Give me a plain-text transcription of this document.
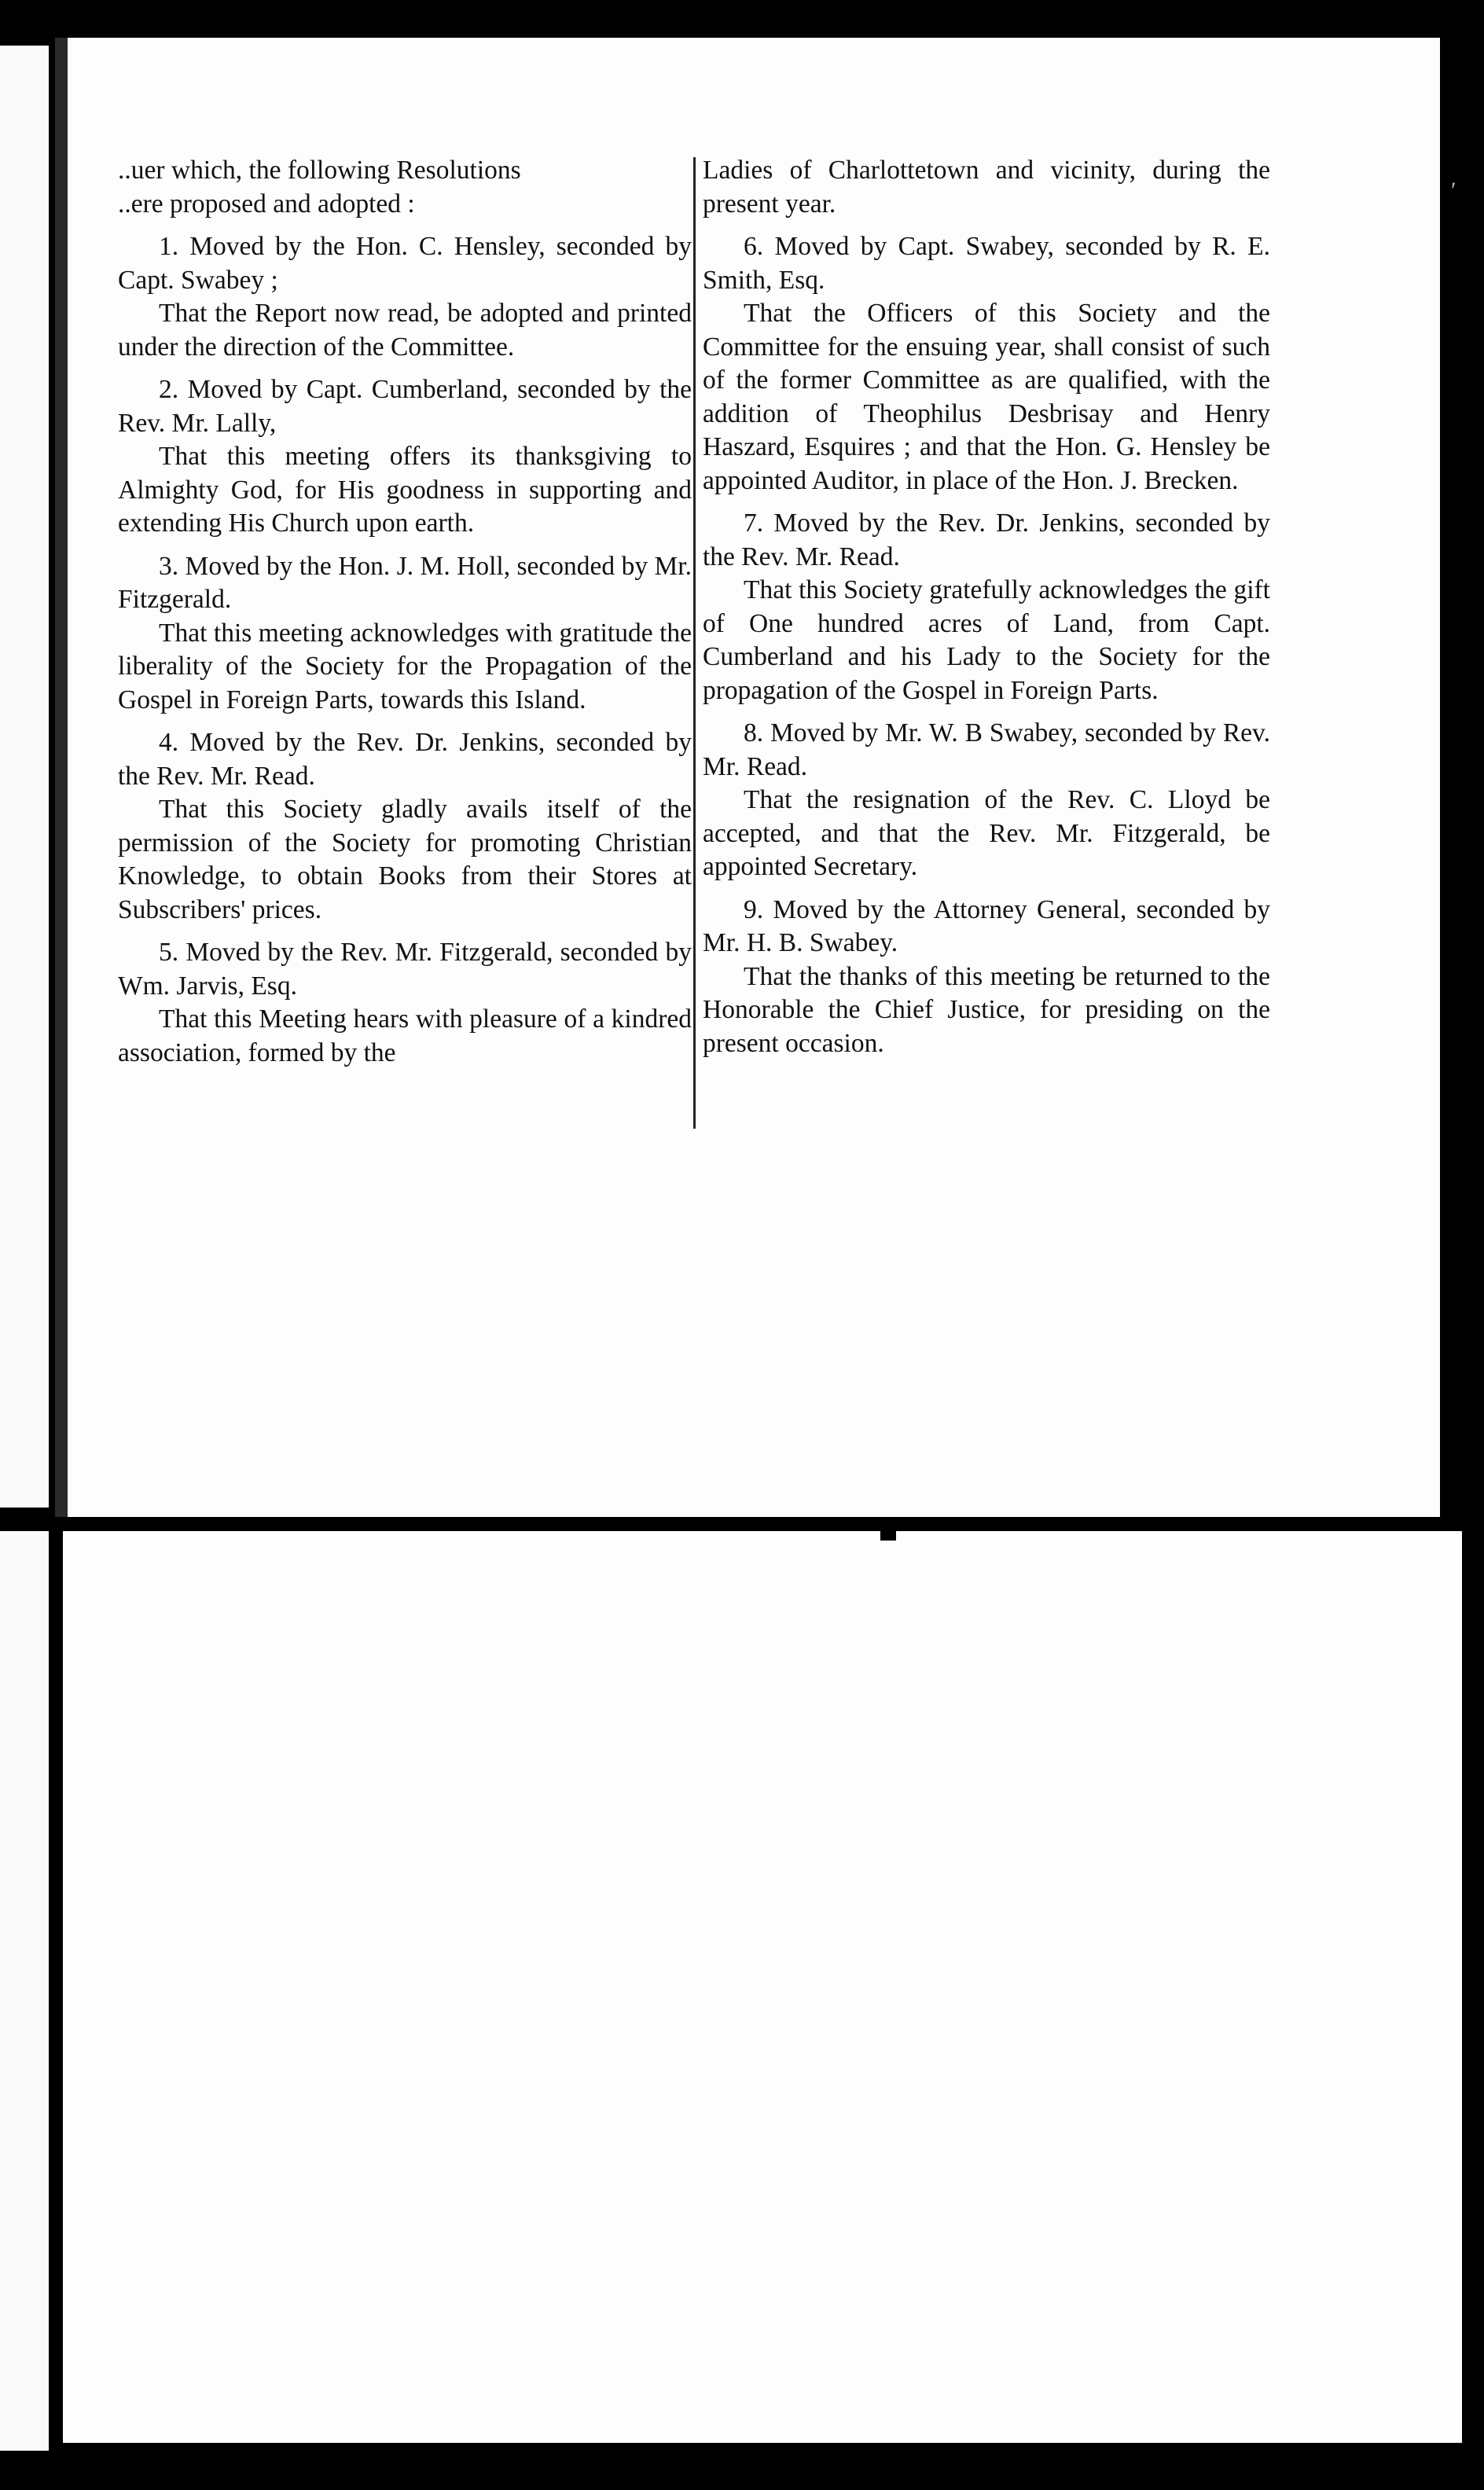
ʹ

..uer which, the following Resolutions
..ere proposed and adopted :

1. Moved by the Hon. C. Hensley, seconded by Capt. Swabey ;

That the Report now read, be adopted and printed under the direction of the Committee.

2. Moved by Capt. Cumberland, seconded by the Rev. Mr. Lally,

That this meeting offers its thanksgiving to Almighty God, for His goodness in supporting and extending His Church upon earth.

3. Moved by the Hon. J. M. Holl, seconded by Mr. Fitzgerald.

That this meeting acknowledges with gratitude the liberality of the Society for the Propagation of the Gospel in Foreign Parts, towards this Island.

4. Moved by the Rev. Dr. Jenkins, seconded by the Rev. Mr. Read.

That this Society gladly avails itself of the permission of the Society for promoting Christian Knowledge, to obtain Books from their Stores at Subscribers' prices.

5. Moved by the Rev. Mr. Fitzgerald, seconded by Wm. Jarvis, Esq.

That this Meeting hears with pleasure of a kindred association, formed by the

Ladies of Charlottetown and vicinity, during the present year.

6. Moved by Capt. Swabey, seconded by R. E. Smith, Esq.

That the Officers of this Society and the Committee for the ensuing year, shall consist of such of the former Committee as are qualified, with the addition of Theophilus Desbrisay and Henry Haszard, Esquires ; and that the Hon. G. Hensley be appointed Auditor, in place of the Hon. J. Brecken.

7. Moved by the Rev. Dr. Jenkins, seconded by the Rev. Mr. Read.

That this Society gratefully acknowledges the gift of One hundred acres of Land, from Capt. Cumberland and his Lady to the Society for the propagation of the Gospel in Foreign Parts.

8. Moved by Mr. W. B Swabey, seconded by Rev. Mr. Read.

That the resignation of the Rev. C. Lloyd be accepted, and that the Rev. Mr. Fitzgerald, be appointed Secretary.

9. Moved by the Attorney General, seconded by Mr. H. B. Swabey.

That the thanks of this meeting be returned to the Honorable the Chief Justice, for presiding on the present occasion.
